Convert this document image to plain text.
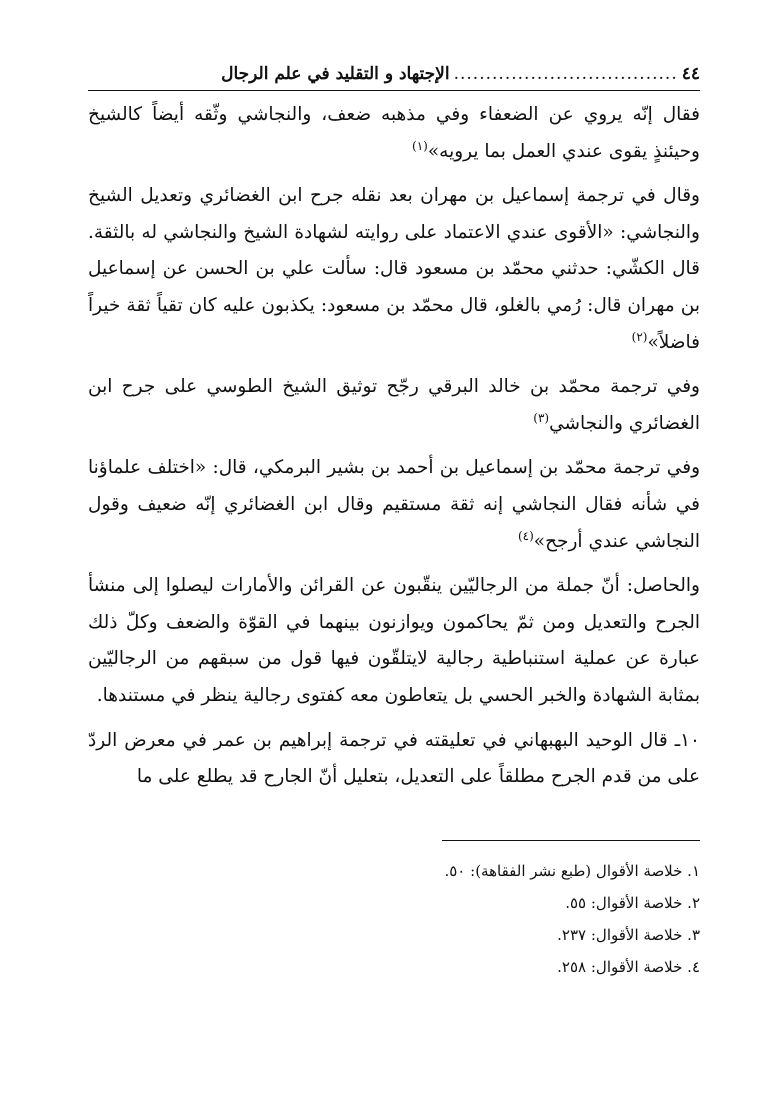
٤٤
...................................
الإجتهاد و التقليد في علم الرجال

فقال إنّه يروي عن الضعفاء وفي مذهبه ضعف، والنجاشي وثّقه أيضاً كالشيخ وحيئنذٍ يقوى عندي العمل بما يرويه»$^{(١)}$

وقال في ترجمة إسماعيل بن مهران بعد نقله جرح ابن الغضائري وتعديل الشيخ والنجاشي: «الأقوى عندي الاعتماد على روايته لشهادة الشيخ والنجاشي له بالثقة. قال الكشّي: حدثني محمّد بن مسعود قال: سألت علي بن الحسن عن إسماعيل بن مهران قال: رُمي بالغلو، قال محمّد بن مسعود: يكذبون عليه كان تقياً ثقة خيراً فاضلاً»$^{(٢)}$

وفي ترجمة محمّد بن خالد البرقي رجّح توثيق الشيخ الطوسي على جرح ابن الغضائري والنجاشي$^{(٣)}$

وفي ترجمة محمّد بن إسماعيل بن أحمد بن بشير البرمكي، قال: «اختلف علماؤنا في شأنه فقال النجاشي إنه ثقة مستقيم وقال ابن الغضائري إنّه ضعيف وقول النجاشي عندي أرجح»$^{(٤)}$

والحاصل: أنّ جملة من الرجاليّين ينقّبون عن القرائن والأمارات ليصلوا إلى منشأ الجرح والتعديل ومن ثمّ يحاكمون ويوازنون بينهما في القوّة والضعف وكلّ ذلك عبارة عن عملية استنباطية رجالية لايتلقّون فيها قول من سبقهم من الرجاليّين بمثابة الشهادة والخبر الحسي بل يتعاطون معه كفتوى رجالية ينظر في مستندها.

١٠ـ قال الوحيد البهبهاني في تعليقته في ترجمة إبراهيم بن عمر في معرض الردّ على من قدم الجرح مطلقاً على التعديل، بتعليل أنّ الجارح قد يطلع على ما

١. خلاصة الأقوال (طبع نشر الفقاهة): ٥٠.
٢. خلاصة الأقوال: ٥٥.
٣. خلاصة الأقوال: ٢٣٧.
٤. خلاصة الأقوال: ٢٥٨.
